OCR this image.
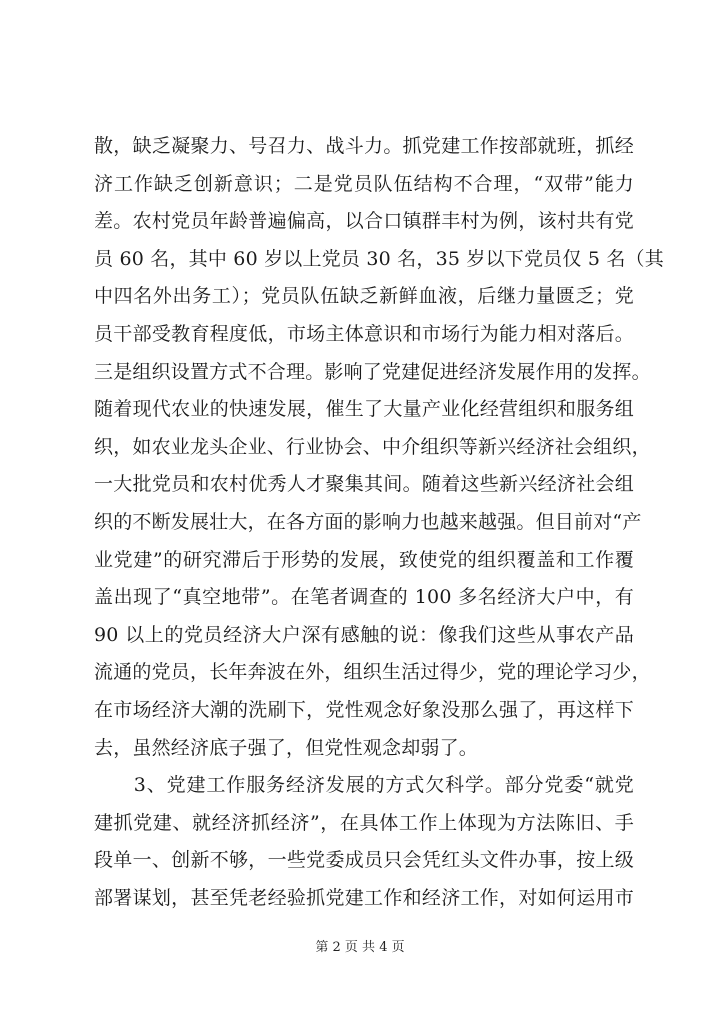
散，缺乏凝聚力、号召力、战斗力。抓党建工作按部就班，抓经
济工作缺乏创新意识；二是党员队伍结构不合理，“双带”能力
差。农村党员年龄普遍偏高，以合口镇群丰村为例，该村共有党
员 60 名，其中 60 岁以上党员 30 名，35 岁以下党员仅 5 名（其
中四名外出务工）；党员队伍缺乏新鲜血液，后继力量匮乏；党
员干部受教育程度低，市场主体意识和市场行为能力相对落后。
三是组织设置方式不合理。影响了党建促进经济发展作用的发挥。
随着现代农业的快速发展，催生了大量产业化经营组织和服务组
织，如农业龙头企业、行业协会、中介组织等新兴经济社会组织，
一大批党员和农村优秀人才聚集其间。随着这些新兴经济社会组
织的不断发展壮大，在各方面的影响力也越来越强。但目前对“产
业党建”的研究滞后于形势的发展，致使党的组织覆盖和工作覆
盖出现了“真空地带”。在笔者调查的 100 多名经济大户中，有
90 以上的党员经济大户深有感触的说：像我们这些从事农产品
流通的党员，长年奔波在外，组织生活过得少，党的理论学习少，
在市场经济大潮的洗刷下，党性观念好象没那么强了，再这样下
去，虽然经济底子强了，但党性观念却弱了。
　　3、党建工作服务经济发展的方式欠科学。部分党委“就党
建抓党建、就经济抓经济”，在具体工作上体现为方法陈旧、手
段单一、创新不够，一些党委成员只会凭红头文件办事，按上级
部署谋划，甚至凭老经验抓党建工作和经济工作，对如何运用市
第 2 页 共 4 页
